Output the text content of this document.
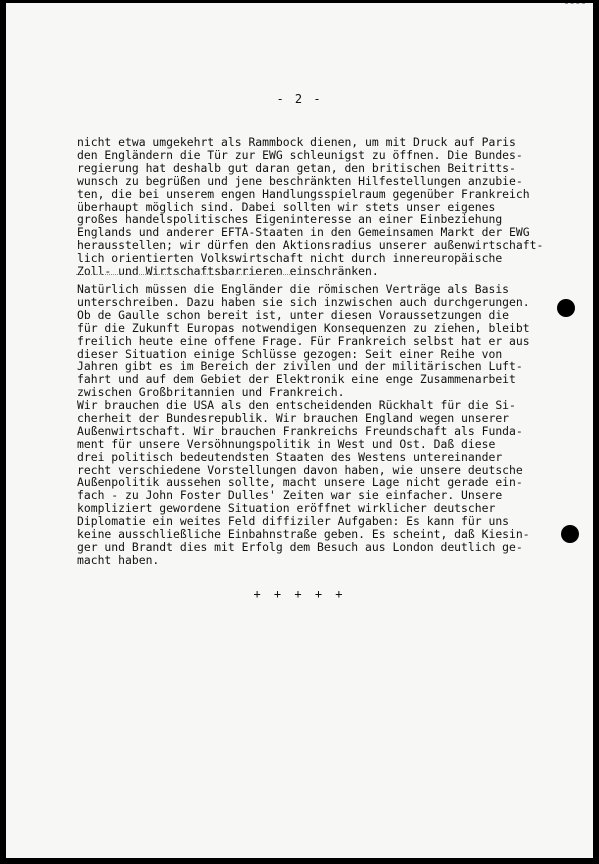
- 2 -

nicht etwa umgekehrt als Rammbock dienen, um mit Druck auf Paris
den Engländern die Tür zur EWG schleunigst zu öffnen. Die Bundes-
regierung hat deshalb gut daran getan, den britischen Beitritts-
wunsch zu begrüßen und jene beschränkten Hilfestellungen anzubie-
ten, die bei unserem engen Handlungsspielraum gegenüber Frankreich
überhaupt möglich sind. Dabei sollten wir stets unser eigenes
großes handelspolitisches Eigeninteresse an einer Einbeziehung
Englands und anderer EFTA-Staaten in den Gemeinsamen Markt der EWG
herausstellen; wir dürfen den Aktionsradius unserer außenwirtschaft-
lich orientierten Volkswirtschaft nicht durch innereuropäische
Zoll- und Wirtschaftsbarrieren einschränken.

Natürlich müssen die Engländer die römischen Verträge als Basis
unterschreiben. Dazu haben sie sich inzwischen auch durchgerungen.
Ob de Gaulle schon bereit ist, unter diesen Voraussetzungen die
für die Zukunft Europas notwendigen Konsequenzen zu ziehen, bleibt
freilich heute eine offene Frage. Für Frankreich selbst hat er aus
dieser Situation einige Schlüsse gezogen: Seit einer Reihe von
Jahren gibt es im Bereich der zivilen und der militärischen Luft-
fahrt und auf dem Gebiet der Elektronik eine enge Zusammenarbeit
zwischen Großbritannien und Frankreich.

Wir brauchen die USA als den entscheidenden Rückhalt für die Si-
cherheit der Bundesrepublik. Wir brauchen England wegen unserer
Außenwirtschaft. Wir brauchen Frankreichs Freundschaft als Funda-
ment für unsere Versöhnungspolitik in West und Ost. Daß diese
drei politisch bedeutendsten Staaten des Westens untereinander
recht verschiedene Vorstellungen davon haben, wie unsere deutsche
Außenpolitik aussehen sollte, macht unsere Lage nicht gerade ein-
fach - zu John Foster Dulles' Zeiten war sie einfacher. Unsere
kompliziert gewordene Situation eröffnet wirklicher deutscher
Diplomatie ein weites Feld diffiziler Aufgaben: Es kann für uns
keine ausschließliche Einbahnstraße geben. Es scheint, daß Kiesin-

ger und Brandt dies mit Erfolg dem Besuch aus London deutlich ge-
macht haben.

+ + + + +
